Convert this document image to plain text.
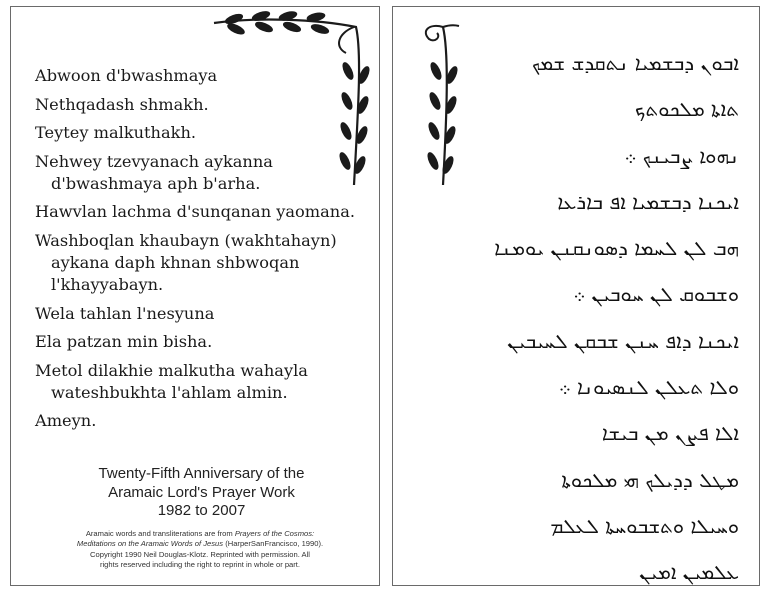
Abwoon d'bwashmaya
Nethqadash shmakh.
Teytey malkuthakh.
Nehwey tzevyanach aykanna
d'bwashmaya aph b'arha.
Hawvlan lachma d'sunqanan yaomana.
Washboqlan khaubayn (wakhtahayn)
aykana daph khnan shbwoqan
l'khayyabayn.
Wela tahlan l'nesyuna
Ela patzan min bisha.
Metol dilakhie malkutha wahayla
wateshbukhta l'ahlam almin.
Ameyn.
Twenty-Fifth Anniversary of the
Aramaic Lord's Prayer Work
1982 to 2007
Aramaic words and transliterations are from Prayers of the Cosmos:
Meditations on the Aramaic Words of Jesus (HarperSanFrancisco, 1990).
Copyright 1990 Neil Douglas-Klotz. Reprinted with permission. All
rights reserved including the right to reprint in whole or part.
ܐܒܘܢ ܕܒܫܡܝܐ ܢܬܩܕܫ ܫܡܟ
ܬܐܬܐ ܡܠܟܘܬܟ
ܢܗܘܐ ܨܒܝܢܟ ܀
ܐܝܟܢܐ ܕܒܫܡܝܐ ܐܦ ܒܐܪܥܐ
ܗܒ ܠܢ ܠܚܡܐ ܕܣܘܢܩܢܢ ܝܘܡܢܐ
ܘܫܒܘܩ ܠܢ ܚܘܒܝܢ ܀
ܐܝܟܢܐ ܕܐܦ ܚܢܢ ܫܒܩܢ ܠܚܝܒܝܢ
ܘܠܐ ܬܥܠܢ ܠܢܣܝܘܢܐ ܀
ܐܠܐ ܦܨܢ ܡܢ ܒܝܫܐ
ܡܛܠ ܕܕܝܠܟ ܗܝ ܡܠܟܘܬܐ
ܘܚܝܠܐ ܘܬܫܒܘܚܬܐ ܠܥܠܡ
ܥܠܡܝܢ ܐܡܝܢ
